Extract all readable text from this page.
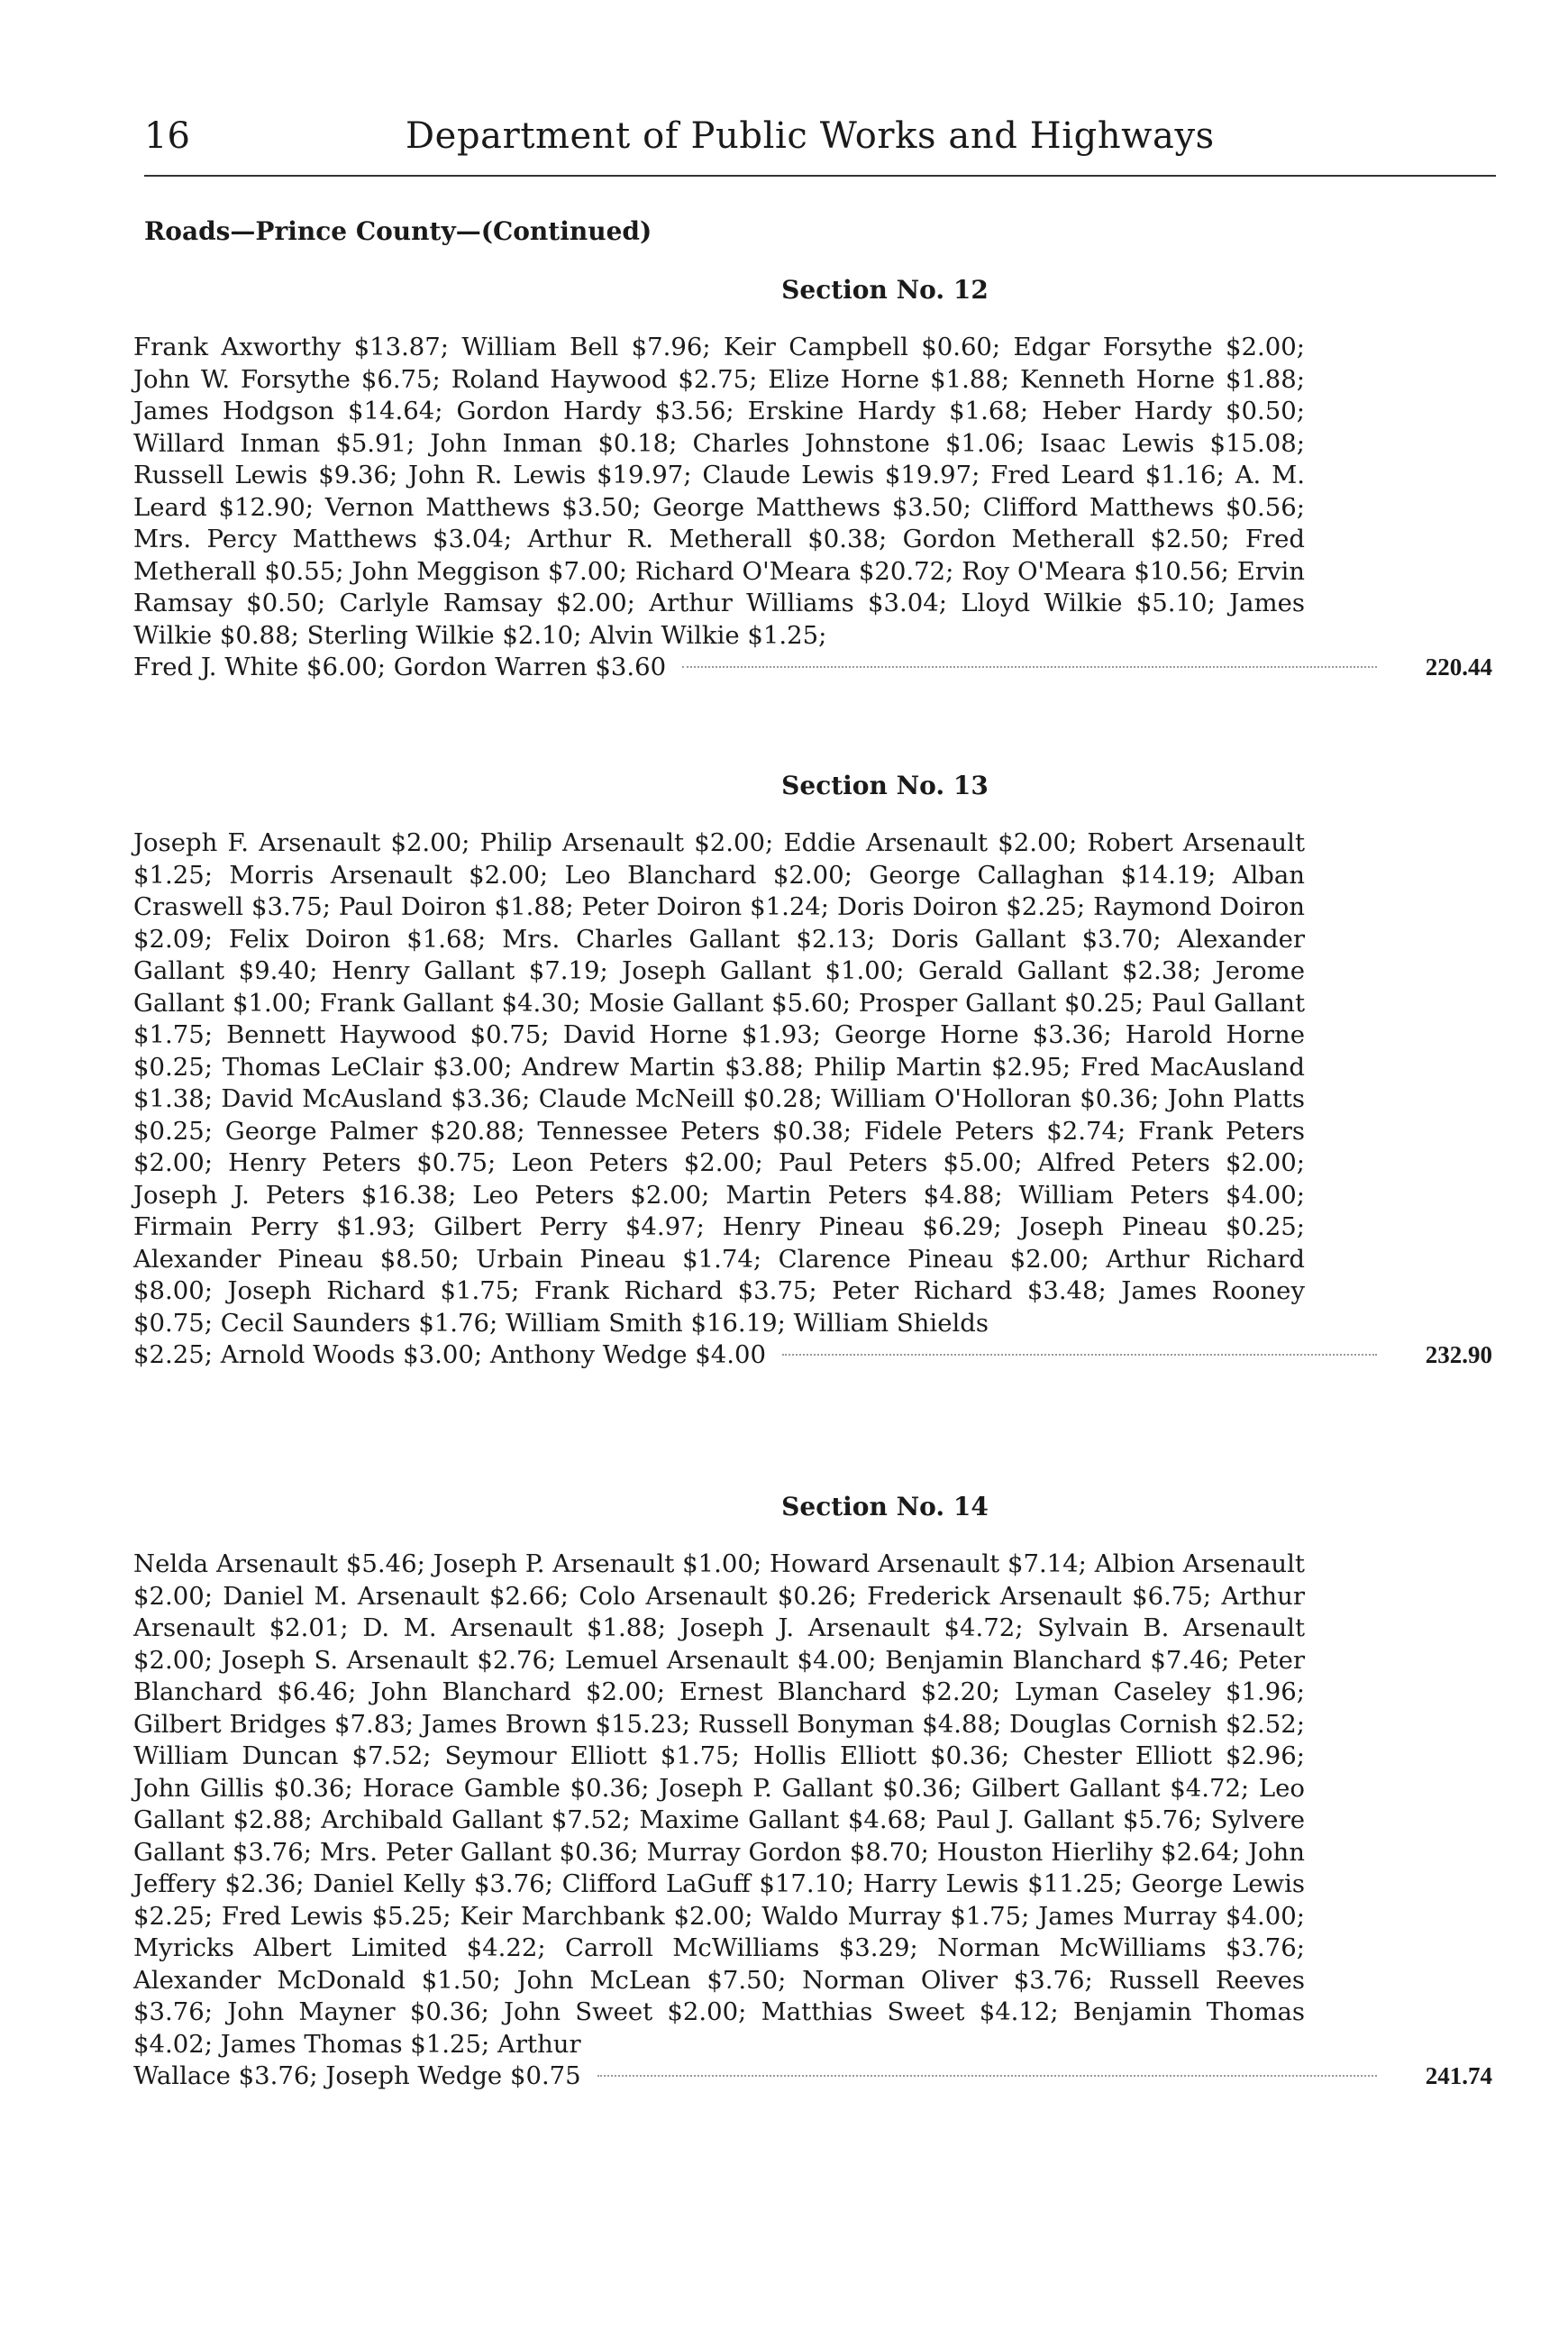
16	Department of Public Works and Highways
Roads—Prince County—(Continued)
Section No. 12

Frank Axworthy $13.87; William Bell $7.96; Keir Campbell $0.60; Edgar Forsythe $2.00; John W. Forsythe $6.75; Roland Haywood $2.75; Elize Horne $1.88; Kenneth Horne $1.88; James Hodgson $14.64; Gordon Hardy $3.56; Erskine Hardy $1.68; Heber Hardy $0.50; Willard Inman $5.91; John Inman $0.18; Charles Johnstone $1.06; Isaac Lewis $15.08; Russell Lewis $9.36; John R. Lewis $19.97; Claude Lewis $19.97; Fred Leard $1.16; A. M. Leard $12.90; Vernon Matthews $3.50; George Matthews $3.50; Clifford Matthews $0.56; Mrs. Percy Matthews $3.04; Arthur R. Metherall $0.38; Gordon Metherall $2.50; Fred Metherall $0.55; John Meggison $7.00; Richard O'Meara $20.72; Roy O'Meara $10.56; Ervin Ramsay $0.50; Carlyle Ramsay $2.00; Arthur Williams $3.04; Lloyd Wilkie $5.10; James Wilkie $0.88; Sterling Wilkie $2.10; Alvin Wilkie $1.25;

Fred J. White $6.00; Gordon Warren $3.60	220.44
Section No. 13

Joseph F. Arsenault $2.00; Philip Arsenault $2.00; Eddie Arsenault $2.00; Robert Arsenault $1.25; Morris Arsenault $2.00; Leo Blanchard $2.00; George Callaghan $14.19; Alban Craswell $3.75; Paul Doiron $1.88; Peter Doiron $1.24; Doris Doiron $2.25; Raymond Doiron $2.09; Felix Doiron $1.68; Mrs. Charles Gallant $2.13; Doris Gallant $3.70; Alexander Gallant $9.40; Henry Gallant $7.19; Joseph Gallant $1.00; Gerald Gallant $2.38; Jerome Gallant $1.00; Frank Gallant $4.30; Mosie Gallant $5.60; Prosper Gallant $0.25; Paul Gallant $1.75; Bennett Haywood $0.75; David Horne $1.93; George Horne $3.36; Harold Horne $0.25; Thomas LeClair $3.00; Andrew Martin $3.88; Philip Martin $2.95; Fred MacAusland $1.38; David McAusland $3.36; Claude McNeill $0.28; William O'Holloran $0.36; John Platts $0.25; George Palmer $20.88; Tennessee Peters $0.38; Fidele Peters $2.74; Frank Peters $2.00; Henry Peters $0.75; Leon Peters $2.00; Paul Peters $5.00; Alfred Peters $2.00; Joseph J. Peters $16.38; Leo Peters $2.00; Martin Peters $4.88; William Peters $4.00; Firmain Perry $1.93; Gilbert Perry $4.97; Henry Pineau $6.29; Joseph Pineau $0.25; Alexander Pineau $8.50; Urbain Pineau $1.74; Clarence Pineau $2.00; Arthur Richard $8.00; Joseph Richard $1.75; Frank Richard $3.75; Peter Richard $3.48; James Rooney $0.75; Cecil Saunders $1.76; William Smith $16.19; William Shields

$2.25; Arnold Woods $3.00; Anthony Wedge $4.00	232.90
Section No. 14

Nelda Arsenault $5.46; Joseph P. Arsenault $1.00; Howard Arsenault $7.14; Albion Arsenault $2.00; Daniel M. Arsenault $2.66; Colo Arsenault $0.26; Frederick Arsenault $6.75; Arthur Arsenault $2.01; D. M. Arsenault $1.88; Joseph J. Arsenault $4.72; Sylvain B. Arsenault $2.00; Joseph S. Arsenault $2.76; Lemuel Arsenault $4.00; Benjamin Blanchard $7.46; Peter Blanchard $6.46; John Blanchard $2.00; Ernest Blanchard $2.20; Lyman Caseley $1.96; Gilbert Bridges $7.83; James Brown $15.23; Russell Bonyman $4.88; Douglas Cornish $2.52; William Duncan $7.52; Seymour Elliott $1.75; Hollis Elliott $0.36; Chester Elliott $2.96; John Gillis $0.36; Horace Gamble $0.36; Joseph P. Gallant $0.36; Gilbert Gallant $4.72; Leo Gallant $2.88; Archibald Gallant $7.52; Maxime Gallant $4.68; Paul J. Gallant $5.76; Sylvere Gallant $3.76; Mrs. Peter Gallant $0.36; Murray Gordon $8.70; Houston Hierlihy $2.64; John Jeffery $2.36; Daniel Kelly $3.76; Clifford LaGuff $17.10; Harry Lewis $11.25; George Lewis $2.25; Fred Lewis $5.25; Keir Marchbank $2.00; Waldo Murray $1.75; James Murray $4.00; Myricks Albert Limited $4.22; Carroll McWilliams $3.29; Norman McWilliams $3.76; Alexander McDonald $1.50; John McLean $7.50; Norman Oliver $3.76; Russell Reeves $3.76; John Mayner $0.36; John Sweet $2.00; Matthias Sweet $4.12; Benjamin Thomas $4.02; James Thomas $1.25; Arthur

Wallace $3.76; Joseph Wedge $0.75	241.74
